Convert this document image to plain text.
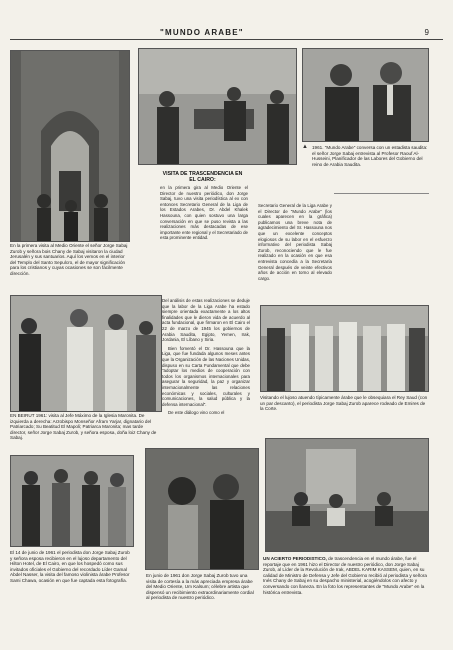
"MUNDO ARABE"	9

En la primera visita al Medio Oriente el señor Jorge Sabaj Zurob y señora bois Chany de Sabaj visitaron la ciudad Jerusalén y sus santuarios. Aquí los vemos en el interior del Templo del Santo Sepulcro, el de mayor significación para los cristianos y cuyas ocasiones se son fácilmente dirección.

1961. "Mundo Arabe" conversa con un estadista saudita: el señor Jorge Sabaj entrevista al Profesor Raouf Al-Husseini, Planificador de las Labores del Gobierno del reino de Arabia Saudita.

▲
VISITA DE TRASCENDENCIA EN EL CAIRO:

en la primera gira al Medio Oriente el Director de nuestro periódico, don Jorge Sabaj, tuvo una visita periodística al ex con entonces Secretario General de la Liga de los Estados Arabes, Dr. Abdel Khalek Hassouna, con quien sostuvo una larga conversación en que se puso revista a las realizaciones más destacadas de ese importante ente regional y el Secretariado de esta prominente entidad.

Secretario General de la Liga Arabe y el Director de "Mundo Arabe" (los cuales aparecen en la gráfica) publicamos una breve nota de agradecimiento del Sr. Hassouna nos que un excelente conceptos elogiosos de su labor en el esfuerzo informativo del periodista Sabaj Zurob, reconociendo que le fue realizado en la ocasión en que esa entrevista concedía a la Secretaría General después de veinte efectivos años de acción en torno al elevado cargo.

Del análisis de estas realizaciones se deduje que la labor de la Liga Arabe ha estado siempre orientada exactamente a los altos finalidades que le dieron vida de acuerdo al acta fundacional, que firmaron en El Cairo el 22 de marzo de 1945 los gobiernos de Arabia Saudita, Egipto, Yemen, Irak, Jordania, El Líbano y Siria.

Bien fomentó el Dr. Hassouna que la Liga, que fue fundada algunos meses antes que la Organización de las Naciones Unidas, dispuso en su Carta Fundamental que debe "adoptar los medios de cooperación con todos los organismos internacionales para asegurar la seguridad, la paz y organizar internacionalmente las relaciones económicas y sociales, culturales y comunicaciones, la salud pública y la defensa internacional".

De este diálogo vino como el

Visitando el lujoso atuendo típicamente árabe que le obsequiara el Rey Saud (con un par descanto), el periodista Jorge Sabaj Zurob aparece rodeado de Emires de la Corte.

EN BEIRUT 1961: visita al Jefe Máximo de la Iglesia Maronita. De izquierda a derecha: Arzobispo Monseñor Afram Yarjar, dignatario del Patriarcado; Su Beatitud El Mapoli; Patriarca Maronita; mas tarde director, señor Jorge Sabaj Zurob, y señora esposa, doña loiz Chany de Sabaj.

El 14 de junio de 1961 el periodista don Jorge Sabaj Zurob y señora esposa recibieron en el lujoso departamento del Hilton Hotel, de El Cairo, en que los hospedó como sus invitados oficiales el Gobierno del recordado Líder Gamal Abdel Nasser, la visita del famoso violinista árabe Profesor Sami Chawa, ocasión en que fue captada esta fotografía.

En junio de 1961 don Jorge Sabaj Zurob tuvo una visita de cortesía a la más apreciada empresa árabe del Medio Oriente, Um Kalsum; célebre artista que dispensó un recibimiento extraordinariamente cordial al periodista de nuestro periódico.

UN ACIERTO PERIODISTICO, de trascendencia en el mundo árabe, fue el reportaje que en 1961 hizo el Director de nuestro periódico, don Jorge Sabaj Zurob, al Líder de la Revolución de Irak, ABDEL KARIM KASSEM, quien, en su calidad de Ministro de Defensa y Jefe del Gobierno recibió al periodista y señora Inés Chany de Sabaj en su despacho ministerial, acogiéndolos con afecto y conversando con llaneza. En la foto los representantes de "Mundo Arabe" en la histórica entrevista.
